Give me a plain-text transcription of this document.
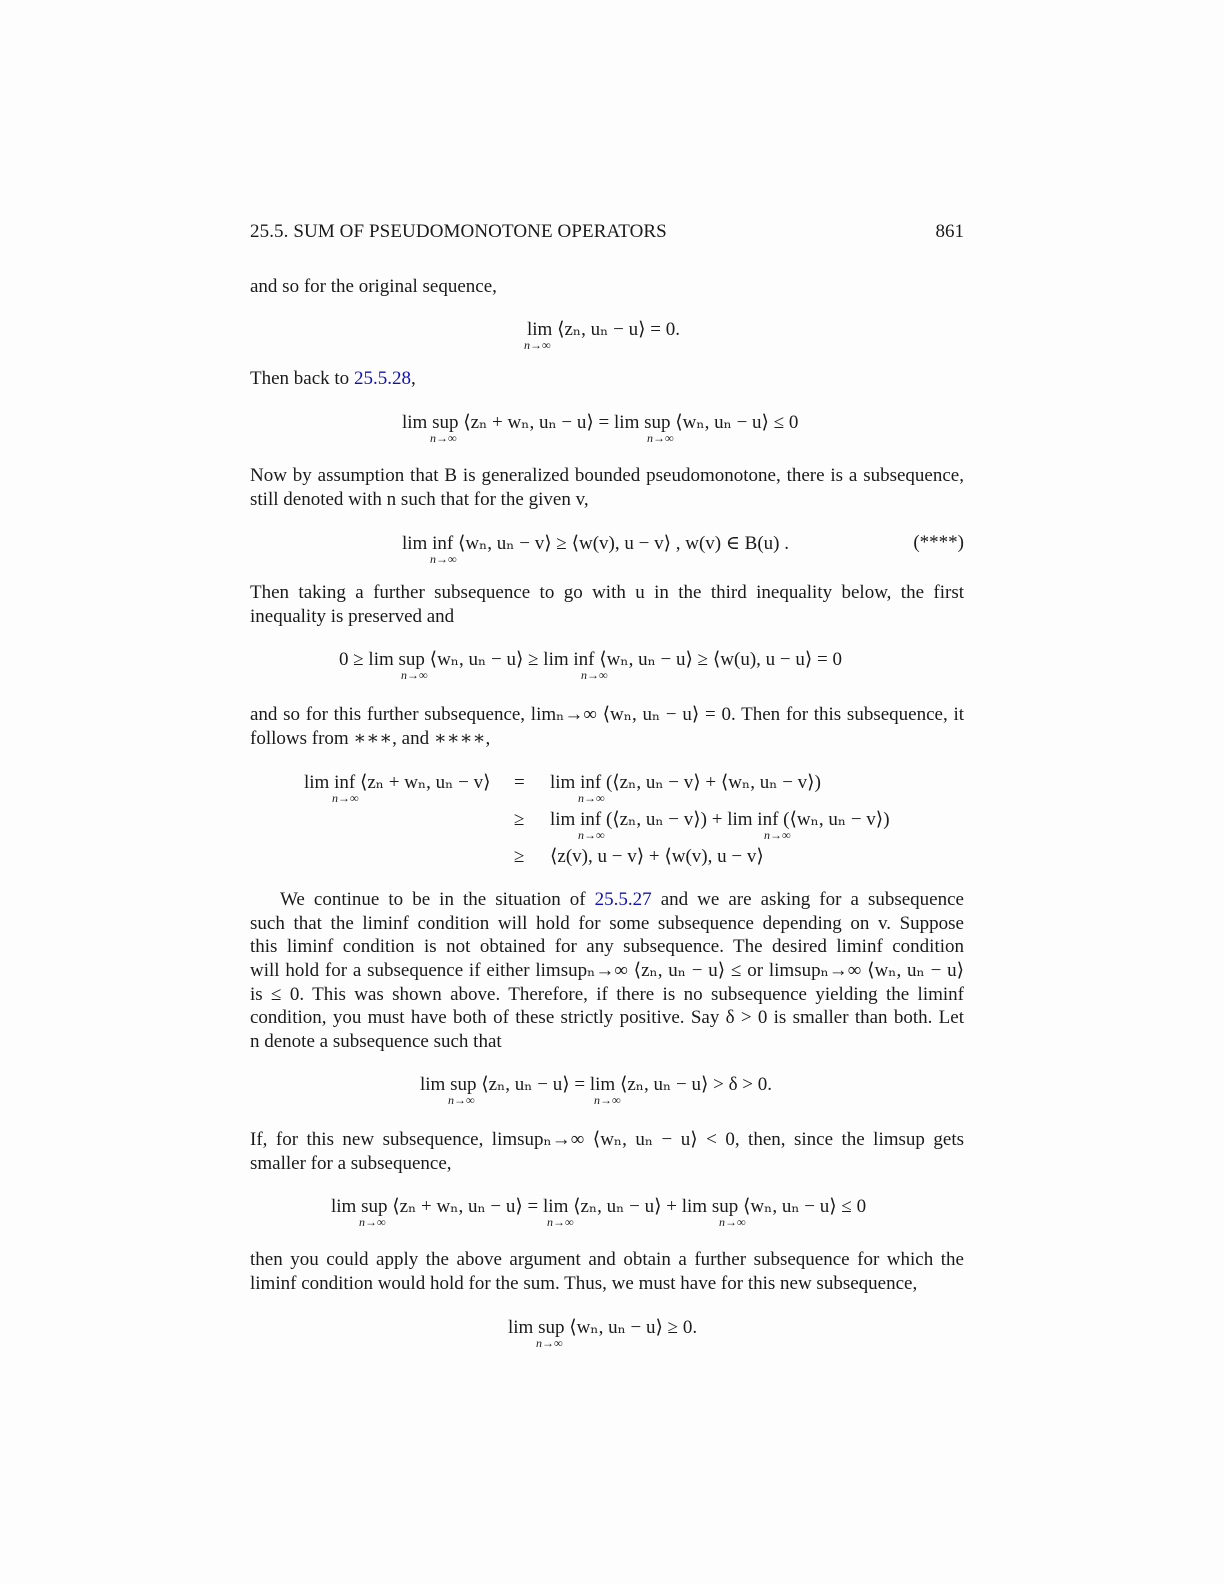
25.5. SUM OF PSEUDOMONOTONE OPERATORS	861
and so for the original sequence,
lim ⟨zₙ, uₙ − u⟩ = 0.
n→∞
Then back to 25.5.28,
lim sup ⟨zₙ + wₙ, uₙ − u⟩ = lim sup ⟨wₙ, uₙ − u⟩ ≤ 0
n→∞	n→∞
Now by assumption that B is generalized bounded pseudomonotone, there is a subsequence,
still denoted with n such that for the given v,
lim inf ⟨wₙ, uₙ − v⟩ ≥ ⟨w(v), u − v⟩ , w(v) ∈ B(u) .
n→∞
(****)
Then taking a further subsequence to go with u in the third inequality below, the first
inequality is preserved and
0 ≥ lim sup ⟨wₙ, uₙ − u⟩ ≥ lim inf ⟨wₙ, uₙ − u⟩ ≥ ⟨w(u), u − u⟩ = 0
n→∞	n→∞
and so for this further subsequence, limₙ→∞ ⟨wₙ, uₙ − u⟩ = 0. Then for this subsequence, it
follows from ∗∗∗, and ∗∗∗∗,
lim inf ⟨zₙ + wₙ, uₙ − v⟩
n→∞
= lim inf (⟨zₙ, uₙ − v⟩ + ⟨wₙ, uₙ − v⟩)
n→∞
≥ lim inf (⟨zₙ, uₙ − v⟩) + lim inf (⟨wₙ, uₙ − v⟩)
n→∞	n→∞
≥ ⟨z(v), u − v⟩ + ⟨w(v), u − v⟩
We continue to be in the situation of 25.5.27 and we are asking for a subsequence
such that the liminf condition will hold for some subsequence depending on v. Suppose
this liminf condition is not obtained for any subsequence. The desired liminf condition
will hold for a subsequence if either limsupₙ→∞ ⟨zₙ, uₙ − u⟩ ≤ or limsupₙ→∞ ⟨wₙ, uₙ − u⟩
is ≤ 0. This was shown above. Therefore, if there is no subsequence yielding the liminf
condition, you must have both of these strictly positive. Say δ > 0 is smaller than both. Let
n denote a subsequence such that
lim sup ⟨zₙ, uₙ − u⟩ = lim ⟨zₙ, uₙ − u⟩ > δ > 0.
n→∞	n→∞
If, for this new subsequence, limsupₙ→∞ ⟨wₙ, uₙ − u⟩ < 0, then, since the limsup gets
smaller for a subsequence,
lim sup ⟨zₙ + wₙ, uₙ − u⟩ = lim ⟨zₙ, uₙ − u⟩ + lim sup ⟨wₙ, uₙ − u⟩ ≤ 0
n→∞	n→∞	n→∞
then you could apply the above argument and obtain a further subsequence for which the
liminf condition would hold for the sum. Thus, we must have for this new subsequence,
lim sup ⟨wₙ, uₙ − u⟩ ≥ 0.
n→∞
